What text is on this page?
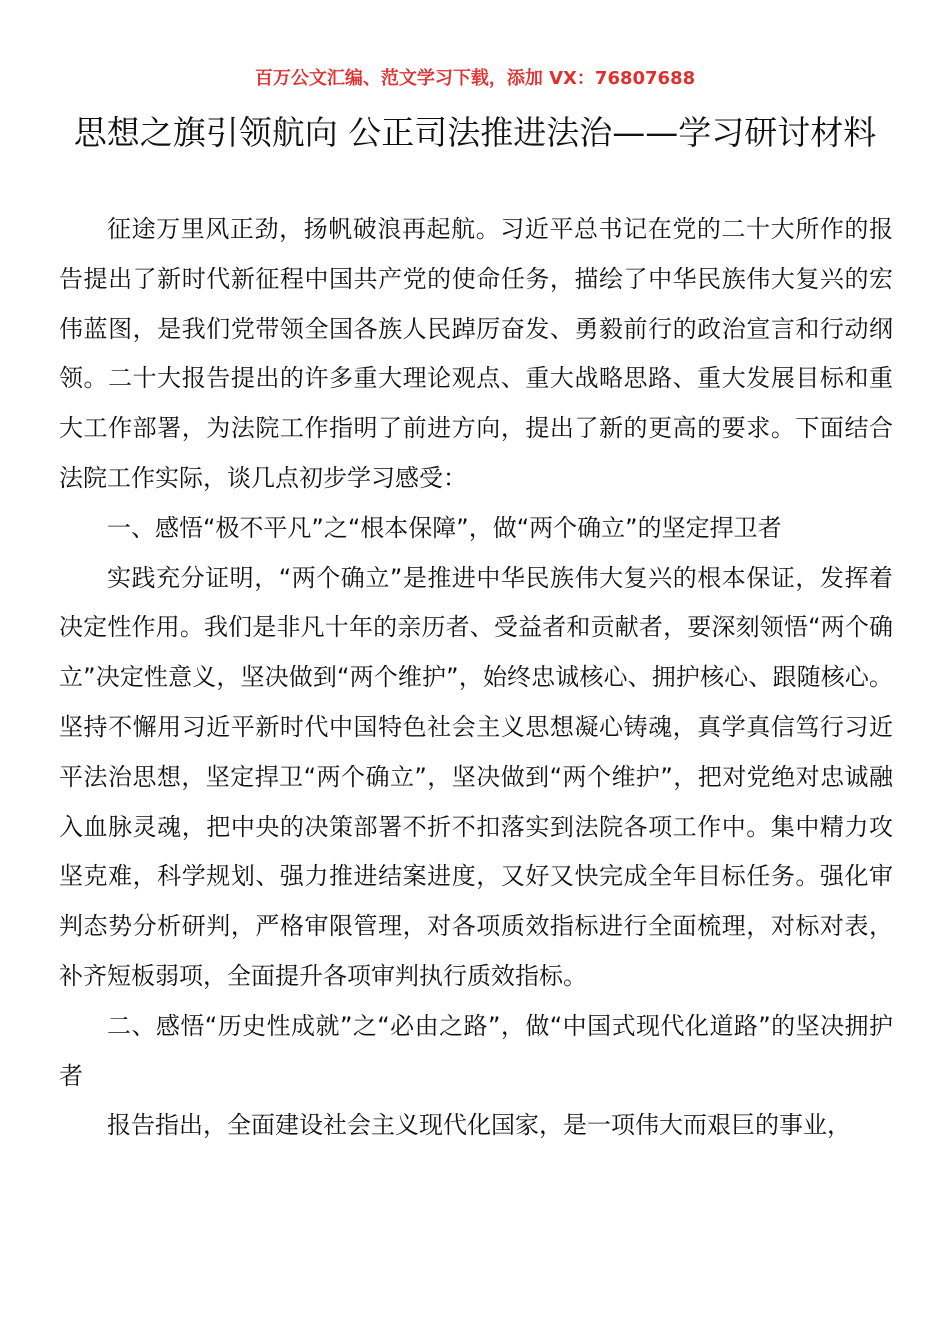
百万公文汇编、范文学习下载，添加 VX：76807688
思想之旗引领航向 公正司法推进法治——学习研讨材料

征途万里风正劲，扬帆破浪再起航。习近平总书记在党的二十大所作的报告提出了新时代新征程中国共产党的使命任务，描绘了中华民族伟大复兴的宏伟蓝图，是我们党带领全国各族人民踔厉奋发、勇毅前行的政治宣言和行动纲领。二十大报告提出的许多重大理论观点、重大战略思路、重大发展目标和重大工作部署，为法院工作指明了前进方向，提出了新的更高的要求。下面结合法院工作实际，谈几点初步学习感受：

一、感悟“极不平凡”之“根本保障”，做“两个确立”的坚定捍卫者

实践充分证明，“两个确立”是推进中华民族伟大复兴的根本保证，发挥着决定性作用。我们是非凡十年的亲历者、受益者和贡献者，要深刻领悟“两个确立”决定性意义，坚决做到“两个维护”，始终忠诚核心、拥护核心、跟随核心。坚持不懈用习近平新时代中国特色社会主义思想凝心铸魂，真学真信笃行习近平法治思想，坚定捍卫“两个确立”，坚决做到“两个维护”，把对党绝对忠诚融入血脉灵魂，把中央的决策部署不折不扣落实到法院各项工作中。集中精力攻坚克难，科学规划、强力推进结案进度，又好又快完成全年目标任务。强化审判态势分析研判，严格审限管理，对各项质效指标进行全面梳理，对标对表，补齐短板弱项，全面提升各项审判执行质效指标。

二、感悟“历史性成就”之“必由之路”，做“中国式现代化道路”的坚决拥护者

报告指出，全面建设社会主义现代化国家，是一项伟大而艰巨的事业，
